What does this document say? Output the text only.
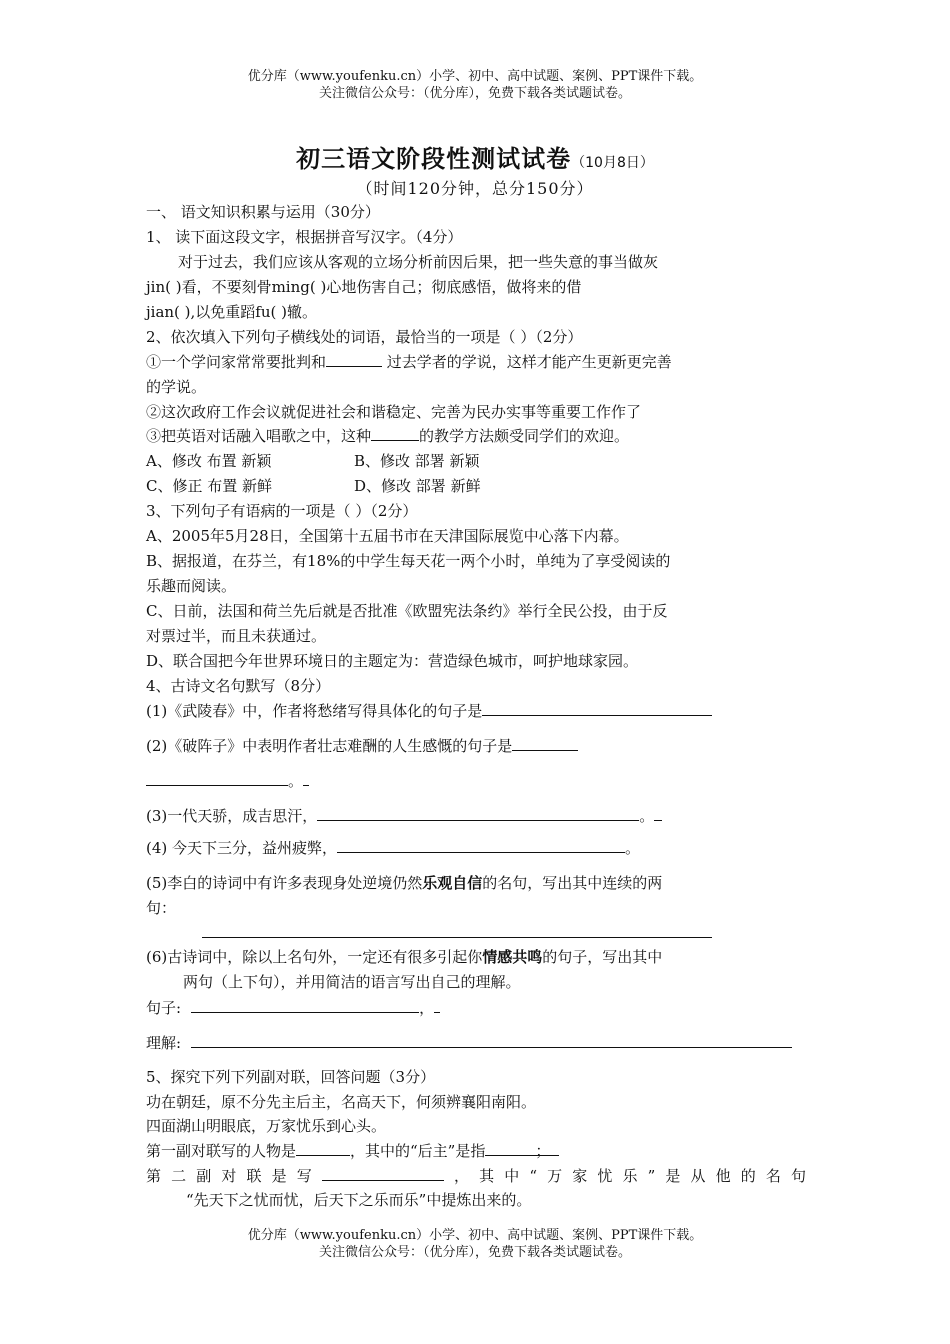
优分库（www.youfenku.cn）小学、初中、高中试题、案例、PPT课件下载。
关注微信公众号：（优分库），免费下载各类试题试卷。
初三语文阶段性测试试卷（10月8日）
（时间120分钟，总分150分）
一、 语文知识积累与运用（30分）
1、 读下面这段文字，根据拼音写汉字。（4分）
对于过去，我们应该从客观的立场分析前因后果，把一些失意的事当做灰
jin( )看，不要刻骨ming( )心地伤害自己；彻底感悟，做将来的借
jian( ),以免重蹈fu( )辙。
2、依次填入下列句子横线处的词语，最恰当的一项是（ ）（2分）
①一个学问家常常要批判和	过去学者的学说，这样才能产生更新更完善
的学说。
②这次政府工作会议就促进社会和谐稳定、完善为民办实事等重要工作作了
③把英语对话融入唱歌之中，这种	的教学方法颇受同学们的欢迎。
A、修改 布置 新颖	B、修改 部署 新颖
C、修正 布置 新鲜	D、修改 部署 新鲜
3、下列句子有语病的一项是（ ）（2分）
A、2005年5月28日，全国第十五届书市在天津国际展览中心落下内幕。
B、据报道，在芬兰，有18%的中学生每天花一两个小时，单纯为了享受阅读的
乐趣而阅读。
C、日前，法国和荷兰先后就是否批准《欧盟宪法条约》举行全民公投，由于反
对票过半，而且未获通过。
D、联合国把今年世界环境日的主题定为：营造绿色城市，呵护地球家园。
4、古诗文名句默写（8分）
(1)《武陵春》中，作者将愁绪写得具体化的句子是
(2)《破阵子》中表明作者壮志难酬的人生感慨的句子是
。
(3)一代天骄，成吉思汗，	。
(4) 今天下三分，益州疲弊，	。
(5)李白的诗词中有许多表现身处逆境仍然乐观自信的名句，写出其中连续的两
句：
(6)古诗词中，除以上名句外，一定还有很多引起你情感共鸣的句子，写出其中
两句（上下句），并用简洁的语言写出自己的理解。
句子:	，
理解:
5、探究下列下列副对联，回答问题（3分）
功在朝廷，原不分先主后主，名高天下，何须辨襄阳南阳。
四面湖山明眼底，万家忧乐到心头。
第一副对联写的人物是	，其中的“后主”是指	；
第二副对联是写	，其中“万家忧乐”是从他的名句
“先天下之忧而忧，后天下之乐而乐”中提炼出来的。
优分库（www.youfenku.cn）小学、初中、高中试题、案例、PPT课件下载。
关注微信公众号：（优分库），免费下载各类试题试卷。
